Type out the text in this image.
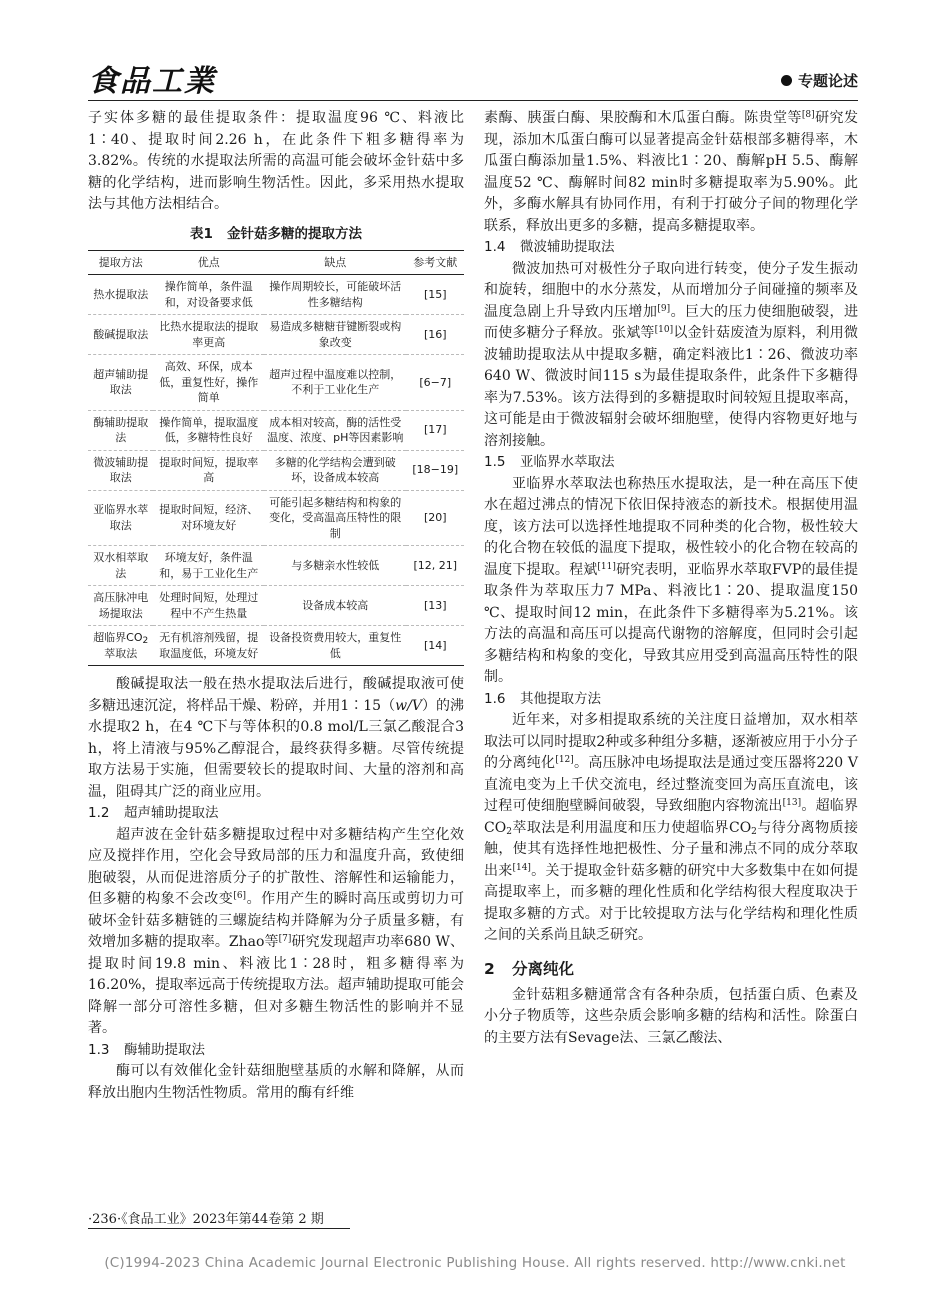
食品工業	专题论述

子实体多糖的最佳提取条件：提取温度96 ℃、料液比1∶40、提取时间2.26 h，在此条件下粗多糖得率为3.82%。传统的水提取法所需的高温可能会破坏金针菇中多糖的化学结构，进而影响生物活性。因此，多采用热水提取法与其他方法相结合。

表1 金针菇多糖的提取方法
提取方法	优点	缺点	参考文献
热水提取法	操作简单，条件温和，对设备要求低	操作周期较长，可能破坏活性多糖结构	[15]
酸碱提取法	比热水提取法的提取率更高	易造成多糖糖苷键断裂或构象改变	[16]
超声辅助提取法	高效、环保，成本低，重复性好，操作简单	超声过程中温度难以控制，不利于工业化生产	[6−7]
酶辅助提取法	操作简单，提取温度低，多糖特性良好	成本相对较高，酶的活性受温度、浓度、pH等因素影响	[17]
微波辅助提取法	提取时间短，提取率高	多糖的化学结构会遭到破坏，设备成本较高	[18−19]
亚临界水萃取法	提取时间短，经济、对环境友好	可能引起多糖结构和构象的变化，受高温高压特性的限制	[20]
双水相萃取法	环境友好，条件温和，易于工业化生产	与多糖亲水性较低	[12, 21]
高压脉冲电场提取法	处理时间短，处理过程中不产生热量	设备成本较高	[13]
超临界$CO_2$萃取法	无有机溶剂残留，提取温度低，环境友好	设备投资费用较大，重复性低	[14]

酸碱提取法一般在热水提取法后进行，酸碱提取液可使多糖迅速沉淀，将样品干燥、粉碎，并用1∶15（w/V）的沸水提取2 h，在4 ℃下与等体积的0.8 mol/L三氯乙酸混合3 h，将上清液与95%乙醇混合，最终获得多糖。尽管传统提取方法易于实施，但需要较长的提取时间、大量的溶剂和高温，阻碍其广泛的商业应用。

1.2 超声辅助提取法

超声波在金针菇多糖提取过程中对多糖结构产生空化效应及搅拌作用，空化会导致局部的压力和温度升高，致使细胞破裂，从而促进溶质分子的扩散性、溶解性和运输能力，但多糖的构象不会改变[6]。作用产生的瞬时高压或剪切力可破坏金针菇多糖链的三螺旋结构并降解为分子质量多糖，有效增加多糖的提取率。Zhao等[7]研究发现超声功率680 W、提取时间19.8 min、料液比1∶28时，粗多糖得率为16.20%，提取率远高于传统提取方法。超声辅助提取可能会降解一部分可溶性多糖，但对多糖生物活性的影响并不显著。

1.3 酶辅助提取法

酶可以有效催化金针菇细胞壁基质的水解和降解，从而释放出胞内生物活性物质。常用的酶有纤维

素酶、胰蛋白酶、果胶酶和木瓜蛋白酶。陈贵堂等[8]研究发现，添加木瓜蛋白酶可以显著提高金针菇根部多糖得率，木瓜蛋白酶添加量1.5%、料液比1∶20、酶解pH 5.5、酶解温度52 ℃、酶解时间82 min时多糖提取率为5.90%。此外，多酶水解具有协同作用，有利于打破分子间的物理化学联系，释放出更多的多糖，提高多糖提取率。

1.4 微波辅助提取法

微波加热可对极性分子取向进行转变，使分子发生振动和旋转，细胞中的水分蒸发，从而增加分子间碰撞的频率及温度急剧上升导致内压增加[9]。巨大的压力使细胞破裂，进而使多糖分子释放。张斌等[10]以金针菇废渣为原料，利用微波辅助提取法从中提取多糖，确定料液比1∶26、微波功率640 W、微波时间115 s为最佳提取条件，此条件下多糖得率为7.53%。该方法得到的多糖提取时间较短且提取率高，这可能是由于微波辐射会破坏细胞壁，使得内容物更好地与溶剂接触。

1.5 亚临界水萃取法

亚临界水萃取法也称热压水提取法，是一种在高压下使水在超过沸点的情况下依旧保持液态的新技术。根据使用温度，该方法可以选择性地提取不同种类的化合物，极性较大的化合物在较低的温度下提取，极性较小的化合物在较高的温度下提取。程斌[11]研究表明，亚临界水萃取FVP的最佳提取条件为萃取压力7 MPa、料液比1∶20、提取温度150 ℃、提取时间12 min，在此条件下多糖得率为5.21%。该方法的高温和高压可以提高代谢物的溶解度，但同时会引起多糖结构和构象的变化，导致其应用受到高温高压特性的限制。

1.6 其他提取方法

近年来，对多相提取系统的关注度日益增加，双水相萃取法可以同时提取2种或多种组分多糖，逐渐被应用于小分子的分离纯化[12]。高压脉冲电场提取法是通过变压器将220 V直流电变为上千伏交流电，经过整流变回为高压直流电，该过程可使细胞壁瞬间破裂，导致细胞内容物流出[13]。超临界$CO_2$萃取法是利用温度和压力使超临界$CO_2$与待分离物质接触，使其有选择性地把极性、分子量和沸点不同的成分萃取出来[14]。关于提取金针菇多糖的研究中大多数集中在如何提高提取率上，而多糖的理化性质和化学结构很大程度取决于提取多糖的方式。对于比较提取方法与化学结构和理化性质之间的关系尚且缺乏研究。

2 分离纯化

金针菇粗多糖通常含有各种杂质，包括蛋白质、色素及小分子物质等，这些杂质会影响多糖的结构和活性。除蛋白的主要方法有Sevage法、三氯乙酸法、

·236·《食品工业》2023年第44卷第 2 期
(C)1994-2023 China Academic Journal Electronic Publishing House. All rights reserved. http://www.cnki.net
